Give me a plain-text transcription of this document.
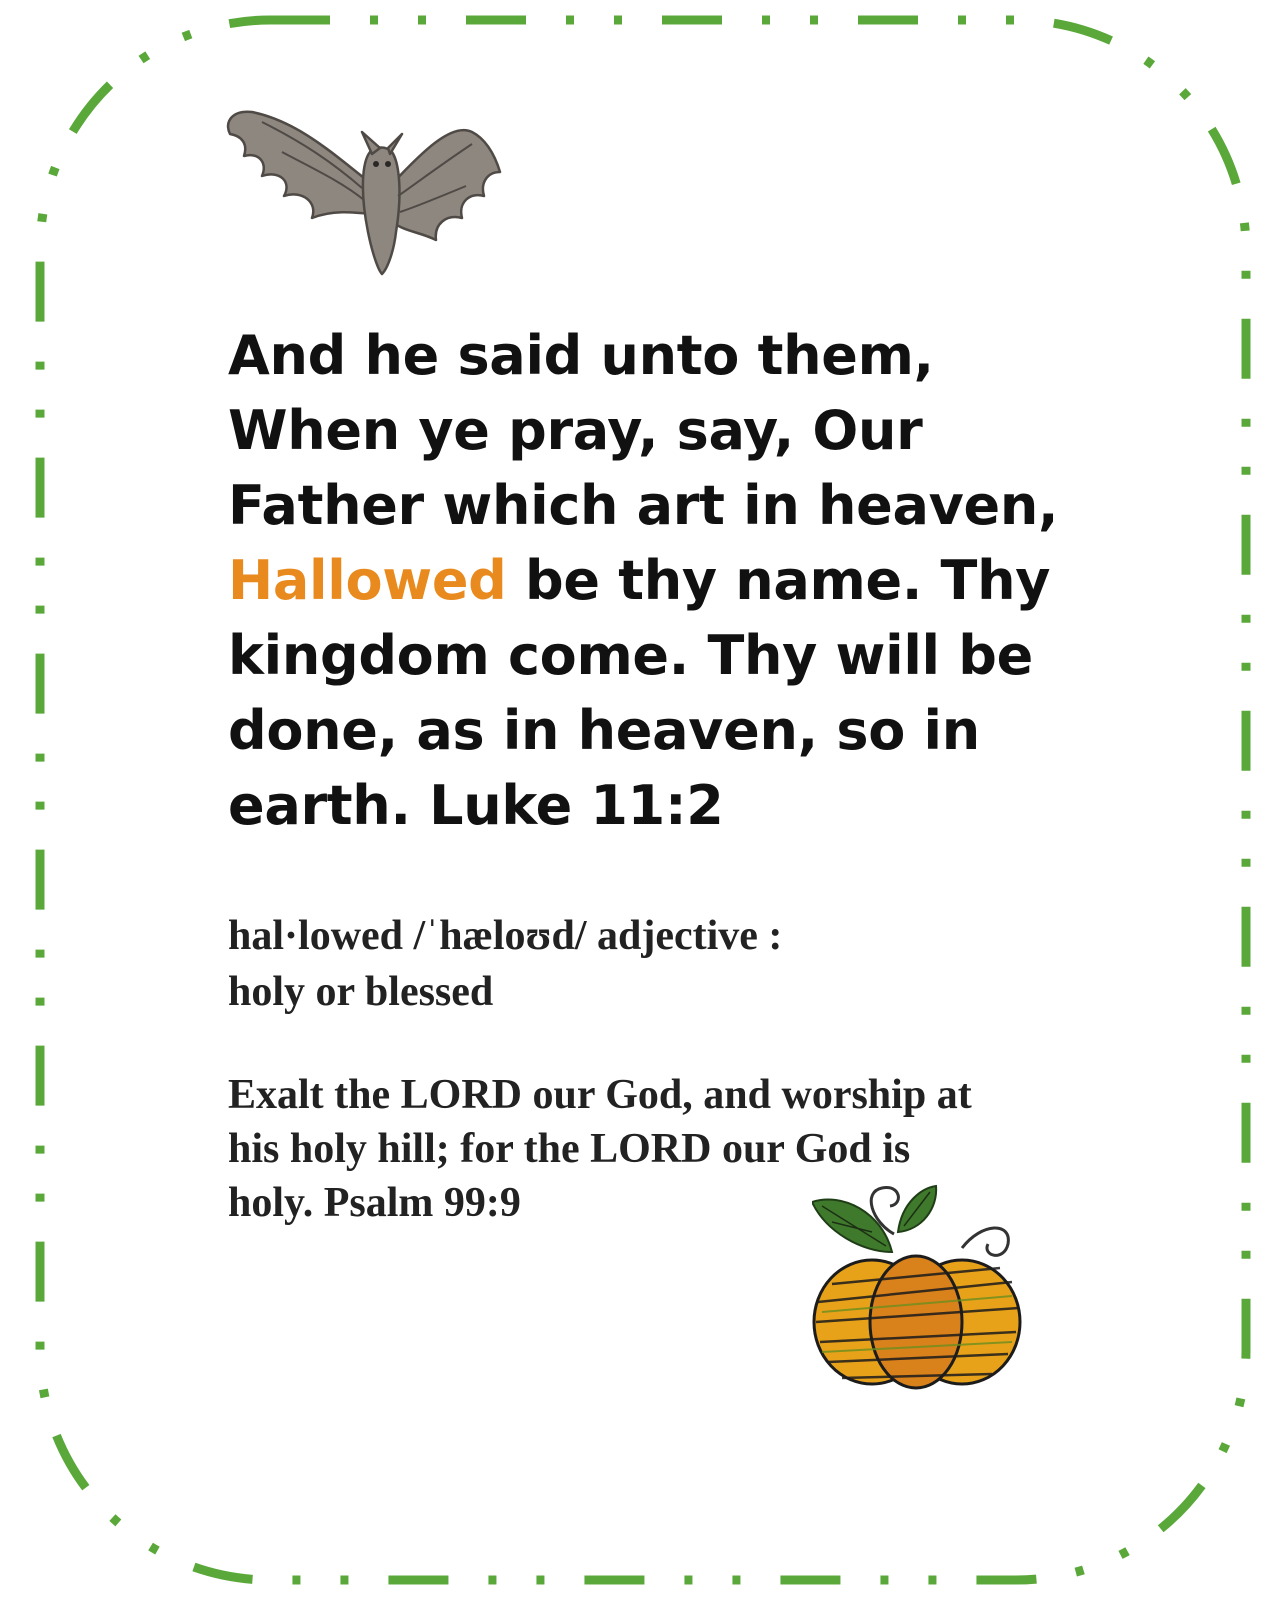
And he said unto them,
When ye pray, say, Our
Father which art in heaven,
Hallowed be thy name. Thy
kingdom come. Thy will be
done, as in heaven, so in
earth. Luke 11:2

hal·lowed /ˈhæloʊd/ adjective :
holy or blessed

Exalt the LORD our God, and worship at
his holy hill; for the LORD our God is
holy. Psalm 99:9
